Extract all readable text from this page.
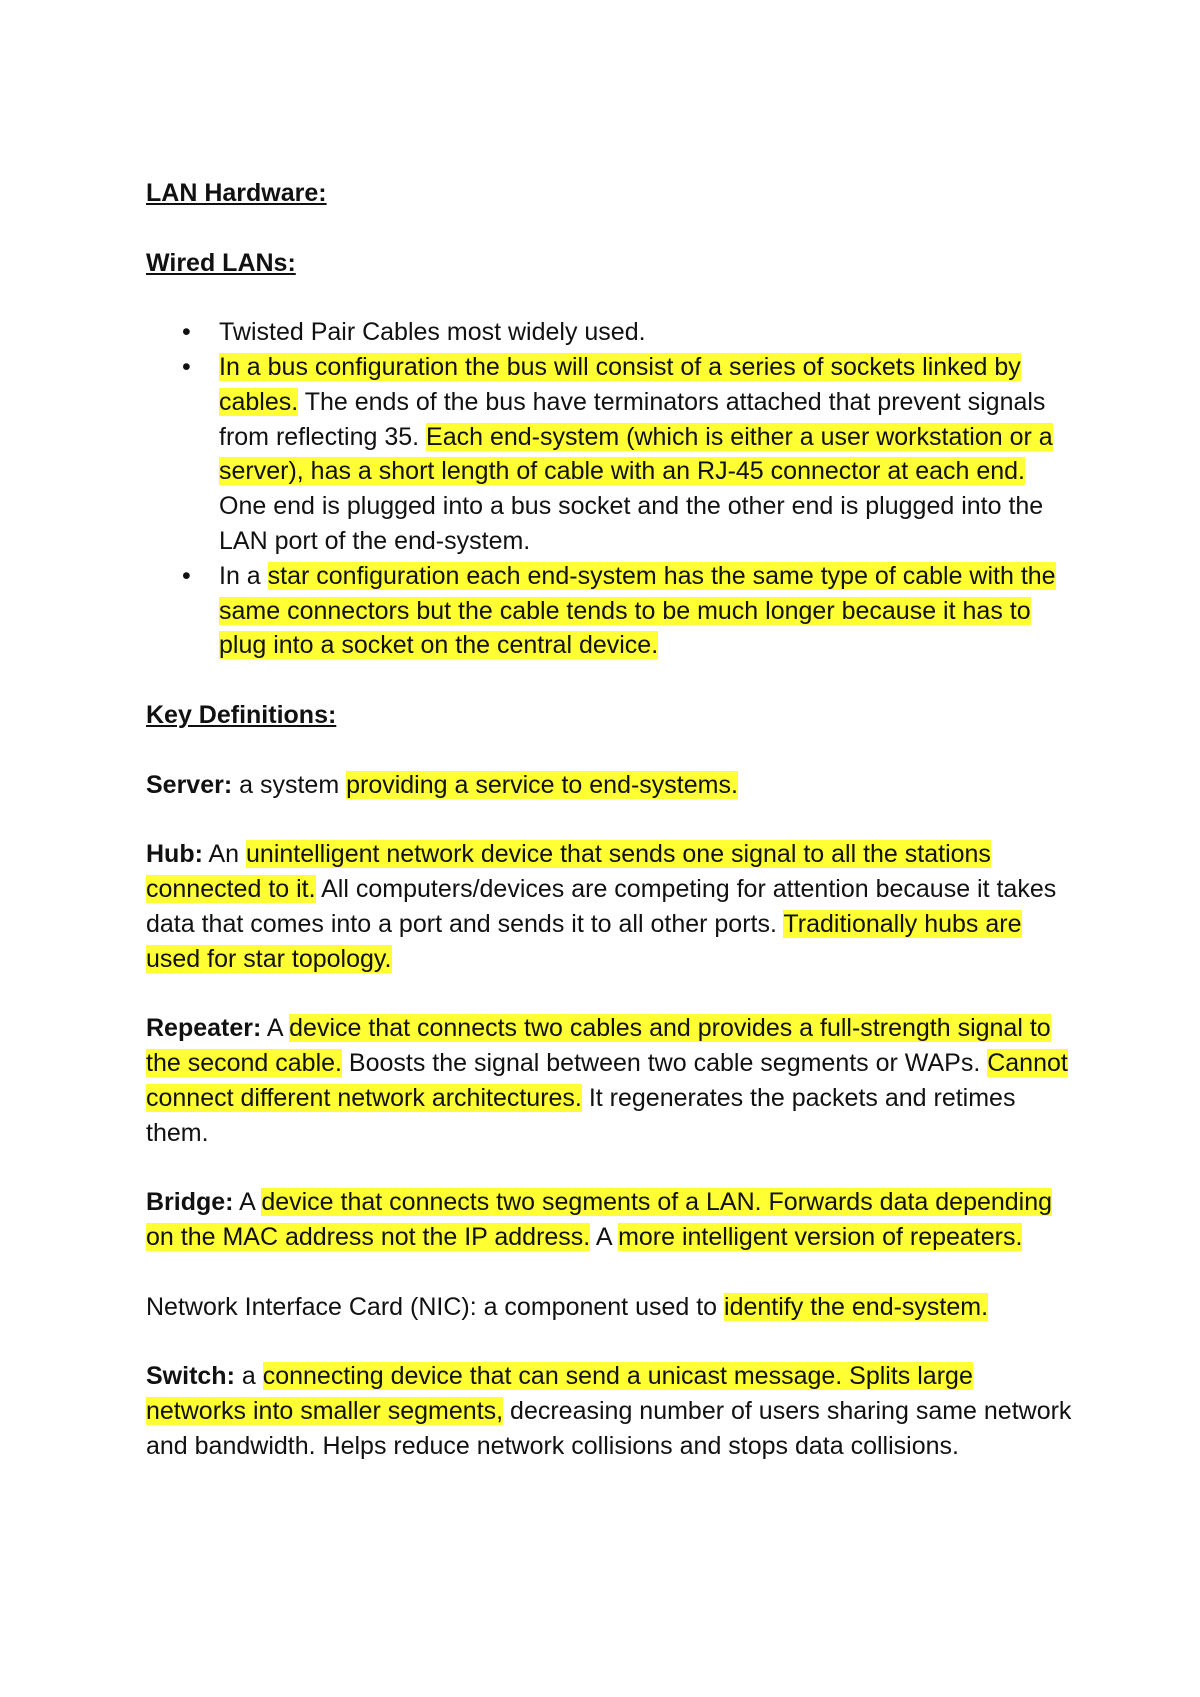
LAN Hardware:

Wired LANs:

•	Twisted Pair Cables most widely used.
•	In a bus configuration the bus will consist of a series of sockets linked by cables. The ends of the bus have terminators attached that prevent signals from reflecting 35. Each end-system (which is either a user workstation or a server), has a short length of cable with an RJ-45 connector at each end. One end is plugged into a bus socket and the other end is plugged into the LAN port of the end-system.
•	In a star configuration each end-system has the same type of cable with the same connectors but the cable tends to be much longer because it has to plug into a socket on the central device.

Key Definitions:

Server: a system providing a service to end-systems.

Hub: An unintelligent network device that sends one signal to all the stations connected to it. All computers/devices are competing for attention because it takes data that comes into a port and sends it to all other ports. Traditionally hubs are used for star topology.

Repeater: A device that connects two cables and provides a full-strength signal to the second cable. Boosts the signal between two cable segments or WAPs. Cannot connect different network architectures. It regenerates the packets and retimes them.

Bridge: A device that connects two segments of a LAN. Forwards data depending on the MAC address not the IP address. A more intelligent version of repeaters.

Network Interface Card (NIC): a component used to identify the end-system.

Switch: a connecting device that can send a unicast message. Splits large networks into smaller segments, decreasing number of users sharing same network and bandwidth. Helps reduce network collisions and stops data collisions.
